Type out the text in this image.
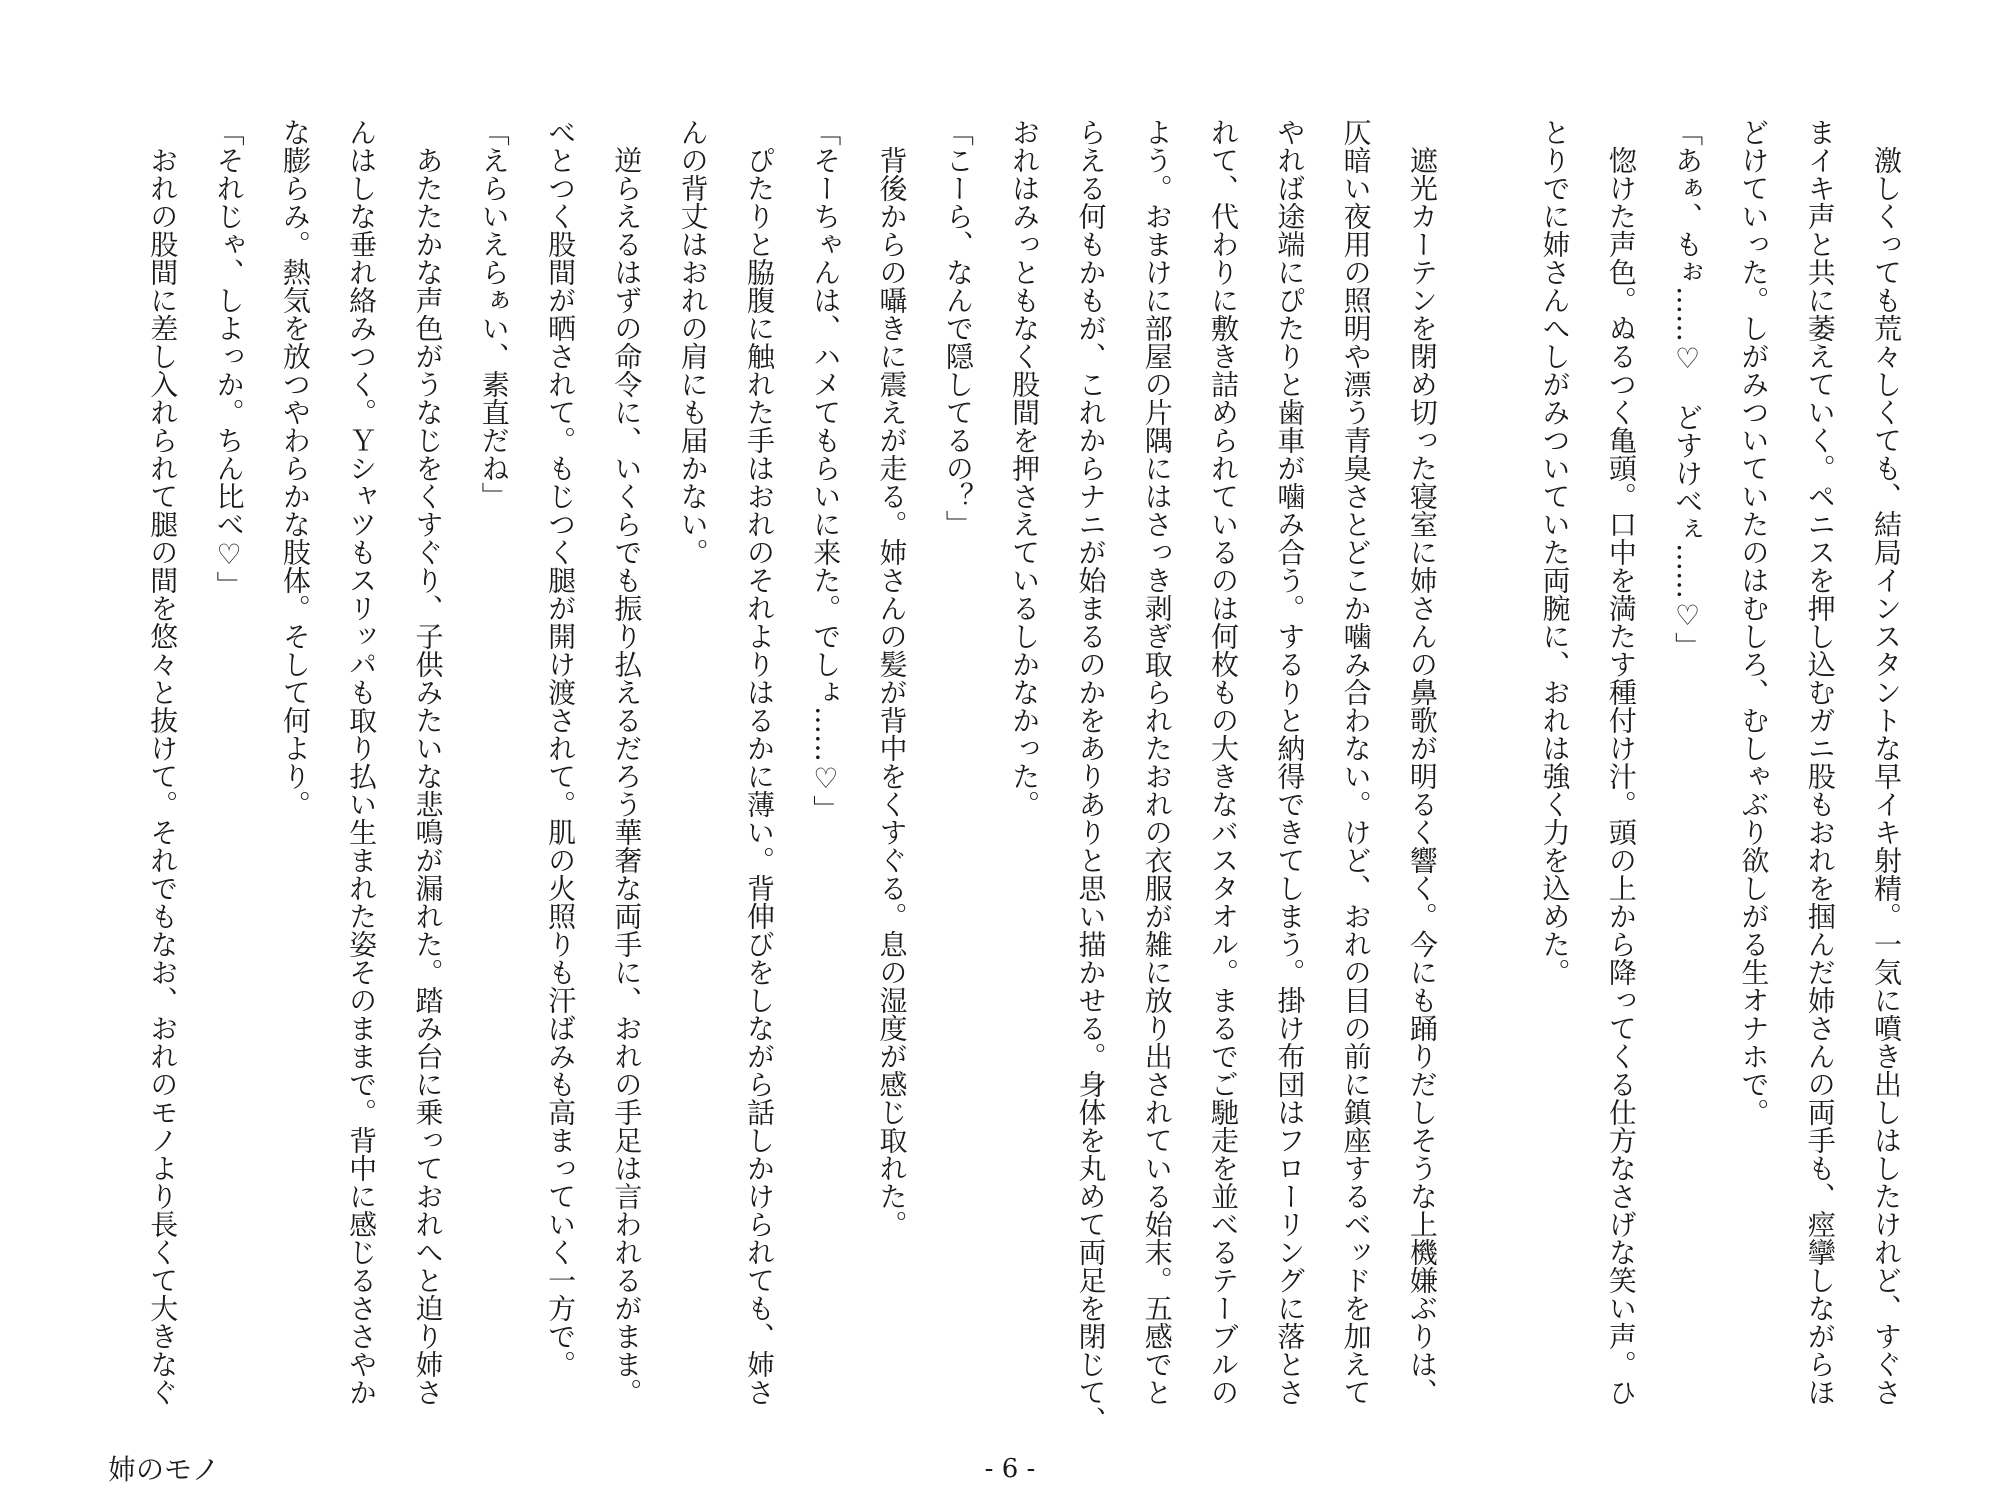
　激しくっても荒々しくても、結局インスタントな早イキ射精。一気に噴き出しはしたけれど、すぐさ
まイキ声と共に萎えていく。ペニスを押し込むガニ股もおれを掴んだ姉さんの両手も、痙攣しながらほ
どけていった。しがみついていたのはむしろ、むしゃぶり欲しがる生オナホで。
「あぁ、もぉ……♡　どすけべぇ……♡」
　惚けた声色。ぬるつく亀頭。口中を満たす種付け汁。頭の上から降ってくる仕方なさげな笑い声。ひ
とりでに姉さんへしがみついていた両腕に、おれは強く力を込めた。
　遮光カーテンを閉め切った寝室に姉さんの鼻歌が明るく響く。今にも踊りだしそうな上機嫌ぶりは、
仄暗い夜用の照明や漂う青臭さとどこか噛み合わない。けど、おれの目の前に鎮座するベッドを加えて
やれば途端にぴたりと歯車が噛み合う。するりと納得できてしまう。掛け布団はフローリングに落とさ
れて、代わりに敷き詰められているのは何枚もの大きなバスタオル。まるでご馳走を並べるテーブルの
よう。おまけに部屋の片隅にはさっき剥ぎ取られたおれの衣服が雑に放り出されている始末。五感でと
らえる何もかもが、これからナニが始まるのかをありありと思い描かせる。身体を丸めて両足を閉じて、
おれはみっともなく股間を押さえているしかなかった。
「こーら、なんで隠してるの？」
　背後からの囁きに震えが走る。姉さんの髪が背中をくすぐる。息の湿度が感じ取れた。
「そーちゃんは、ハメてもらいに来た。でしょ……♡」
　ぴたりと脇腹に触れた手はおれのそれよりはるかに薄い。背伸びをしながら話しかけられても、姉さ
んの背丈はおれの肩にも届かない。
　逆らえるはずの命令に、いくらでも振り払えるだろう華奢な両手に、おれの手足は言われるがまま。
べとつく股間が晒されて。もじつく腿が開け渡されて。肌の火照りも汗ばみも高まっていく一方で。
「えらいえらぁい、素直だね」
　あたたかな声色がうなじをくすぐり、子供みたいな悲鳴が漏れた。踏み台に乗っておれへと迫り姉さ
んはしな垂れ絡みつく。Ｙシャツもスリッパも取り払い生まれた姿そのままで。背中に感じるささやか
な膨らみ。熱気を放つやわらかな肢体。そして何より。
「それじゃ、しよっか。ちん比べ♡」
　おれの股間に差し入れられて腿の間を悠々と抜けて。それでもなお、おれのモノより長くて大きなぐ
姉のモノ	- 6 -
